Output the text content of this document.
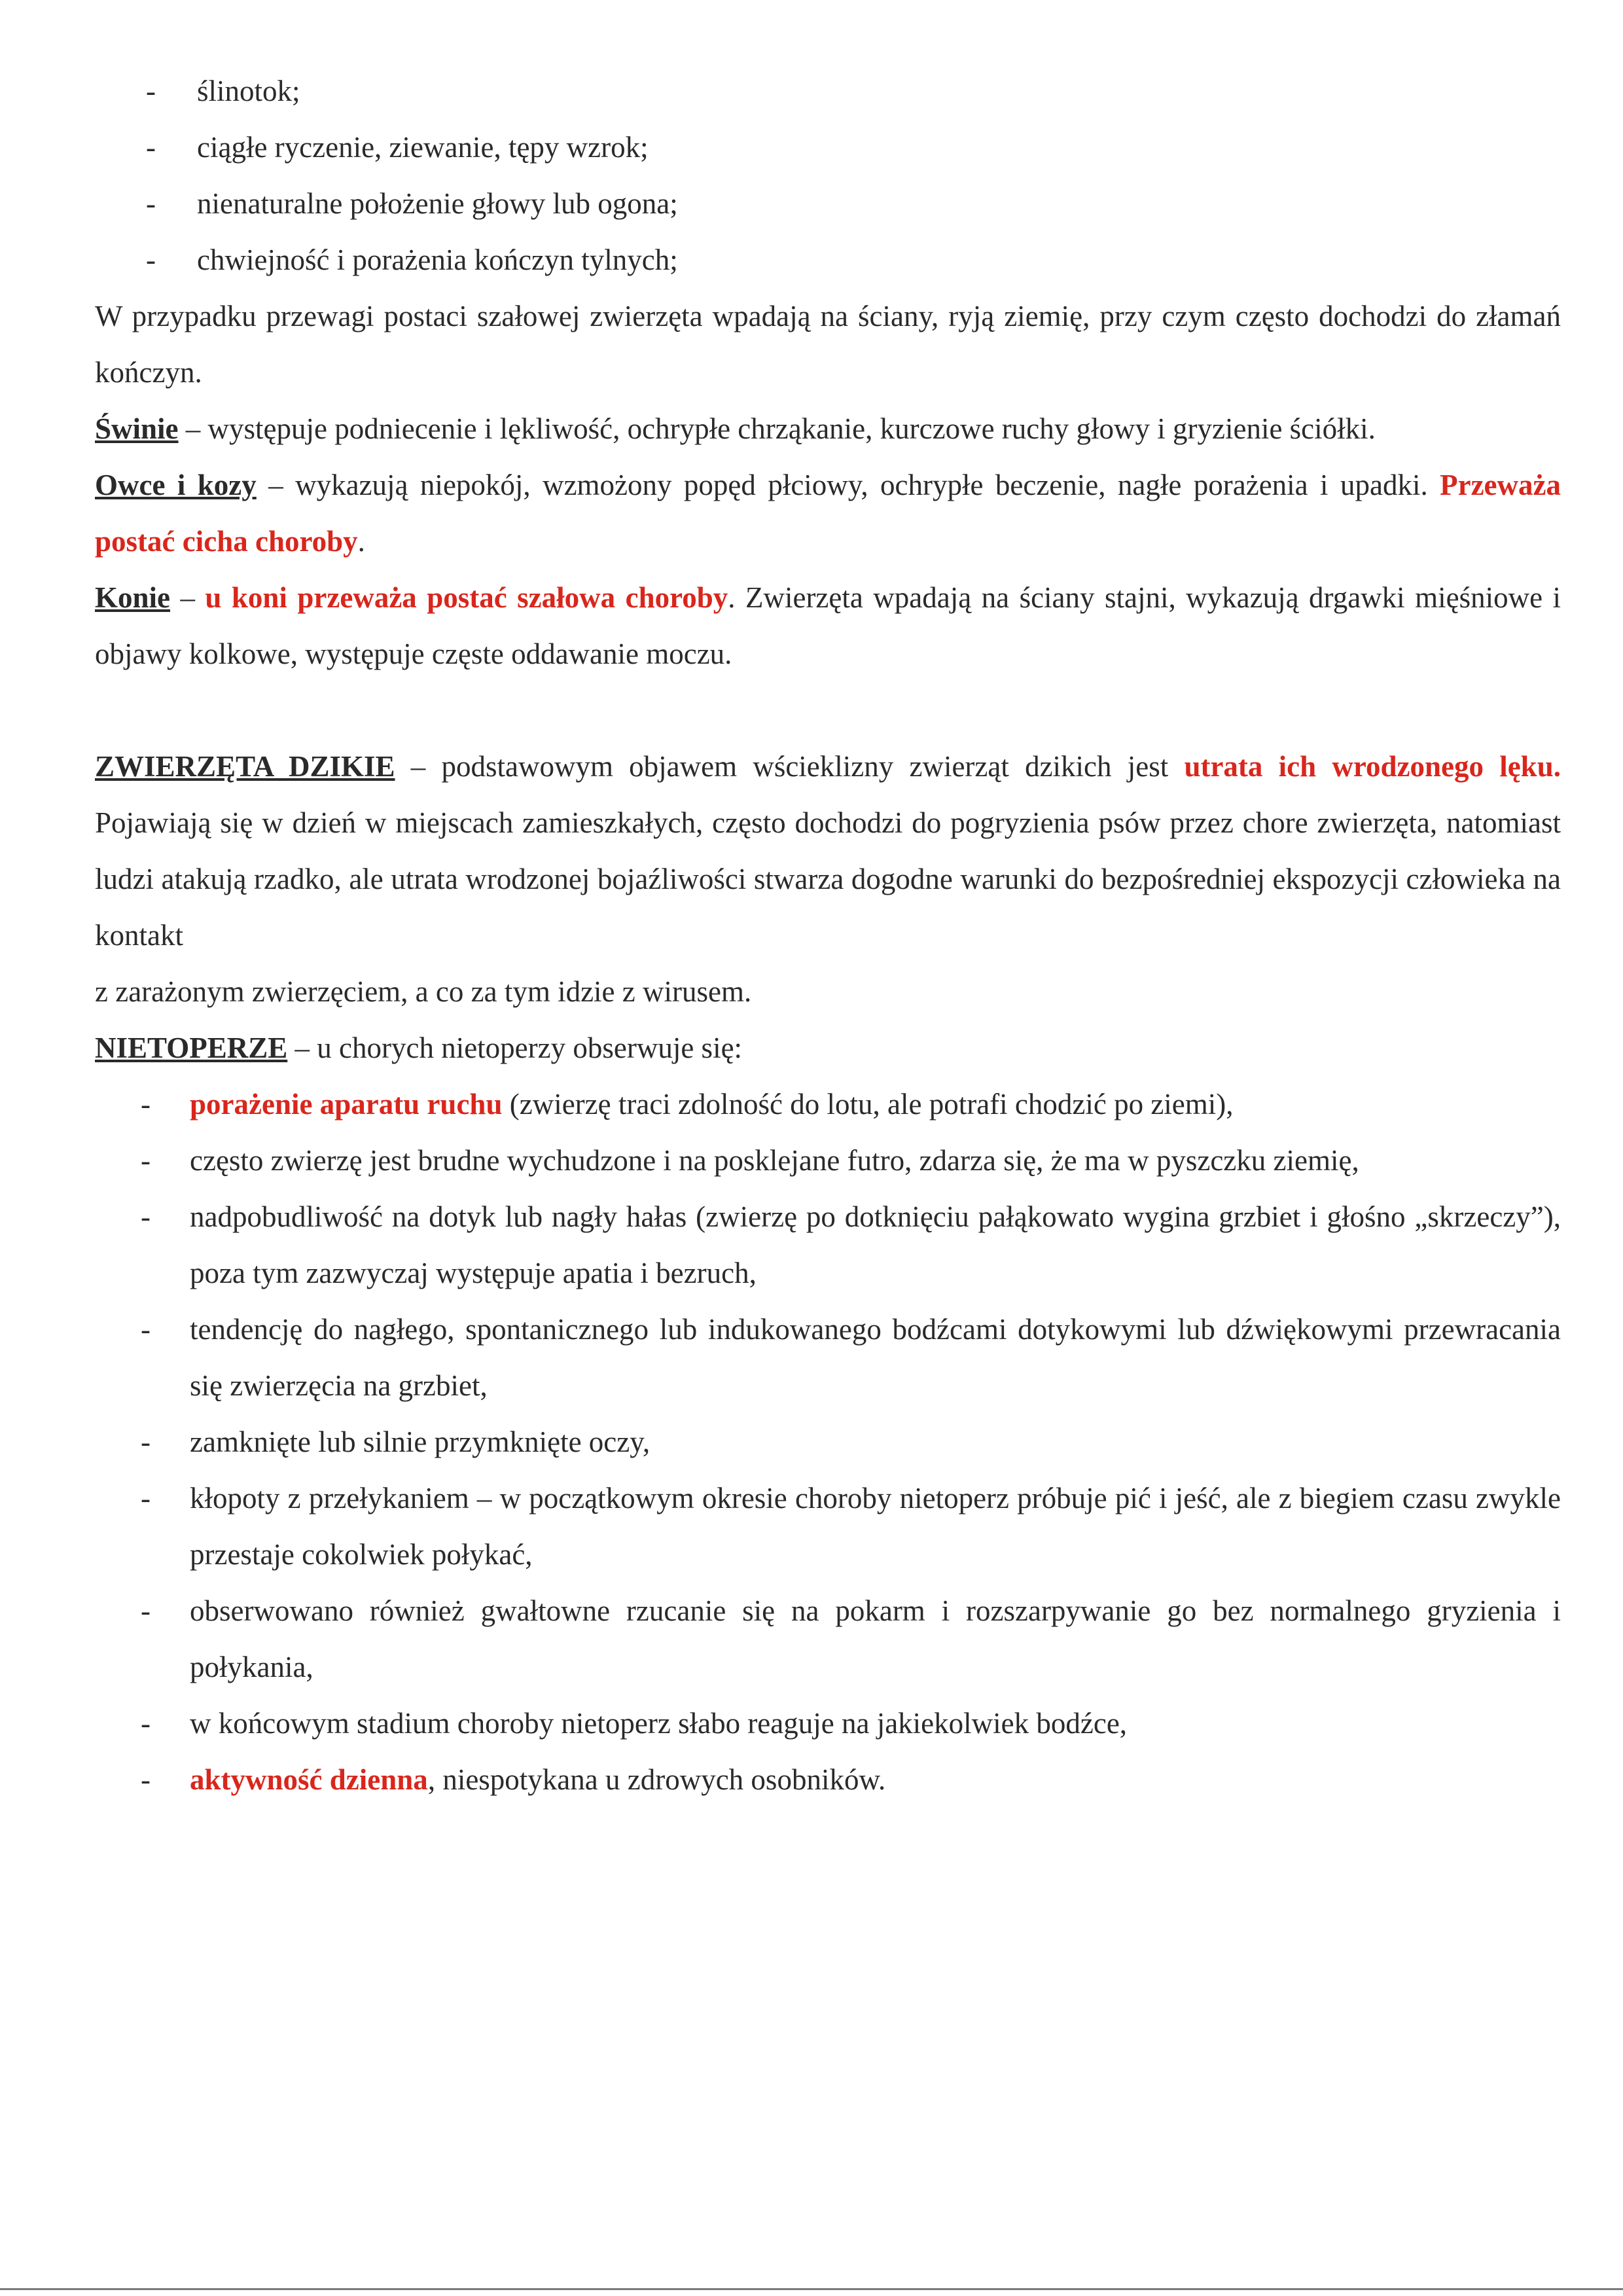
- ślinotok;
- ciągłe ryczenie, ziewanie, tępy wzrok;
- nienaturalne położenie głowy lub ogona;
- chwiejność i porażenia kończyn tylnych;

W przypadku przewagi postaci szałowej zwierzęta wpadają na ściany, ryją ziemię, przy czym często dochodzi do złamań kończyn.

Świnie – występuje podniecenie i lękliwość, ochrypłe chrząkanie, kurczowe ruchy głowy i gryzienie ściółki.

Owce i kozy – wykazują niepokój, wzmożony popęd płciowy, ochrypłe beczenie, nagłe porażenia i upadki. Przeważa postać cicha choroby.

Konie – u koni przeważa postać szałowa choroby. Zwierzęta wpadają na ściany stajni, wykazują drgawki mięśniowe i objawy kolkowe, występuje częste oddawanie moczu.

ZWIERZĘTA DZIKIE – podstawowym objawem wścieklizny zwierząt dzikich jest utrata ich wrodzonego lęku. Pojawiają się w dzień w miejscach zamieszkałych, często dochodzi do pogryzienia psów przez chore zwierzęta, natomiast ludzi atakują rzadko, ale utrata wrodzonej bojaźliwości stwarza dogodne warunki do bezpośredniej ekspozycji człowieka na kontakt

z zarażonym zwierzęciem, a co za tym idzie z wirusem.

NIETOPERZE – u chorych nietoperzy obserwuje się:

- porażenie aparatu ruchu (zwierzę traci zdolność do lotu, ale potrafi chodzić po ziemi),
- często zwierzę jest brudne wychudzone i na posklejane futro, zdarza się, że ma w pyszczku ziemię,
- nadpobudliwość na dotyk lub nagły hałas (zwierzę po dotknięciu pałąkowato wygina grzbiet i głośno „skrzeczy”), poza tym zazwyczaj występuje apatia i bezruch,
- tendencję do nagłego, spontanicznego lub indukowanego bodźcami dotykowymi lub dźwiękowymi przewracania się zwierzęcia na grzbiet,
- zamknięte lub silnie przymknięte oczy,
- kłopoty z przełykaniem – w początkowym okresie choroby nietoperz próbuje pić i jeść, ale z biegiem czasu zwykle przestaje cokolwiek połykać,
- obserwowano również gwałtowne rzucanie się na pokarm i rozszarpywanie go bez normalnego gryzienia i połykania,
- w końcowym stadium choroby nietoperz słabo reaguje na jakiekolwiek bodźce,
- aktywność dzienna, niespotykana u zdrowych osobników.
